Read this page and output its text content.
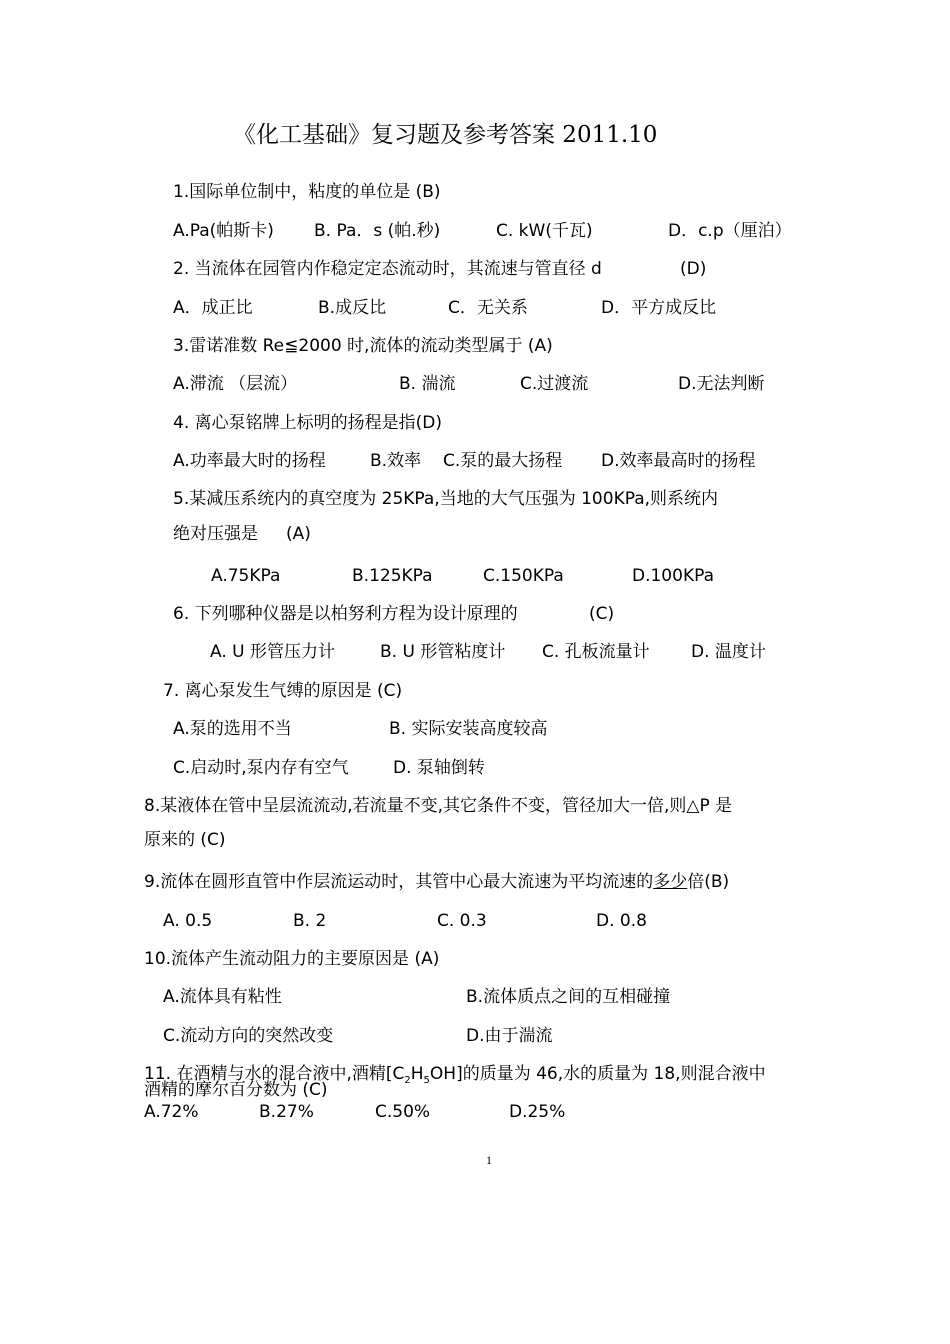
《化工基础》复习题及参考答案 2011.10
1.国际单位制中，粘度的单位是 (B)
A.Pa(帕斯卡) B. Pa．s (帕.秒)	C. kW(千瓦)	D．c.p（厘泊）
2. 当流体在园管内作稳定定态流动时，其流速与管直径 d	(D)
A．成正比	B.成反比	C．无关系	D．平方成反比
3.雷诺准数 Re≦2000 时,流体的流动类型属于 (A)
A.滞流 （层流）	B. 湍流	C.过渡流	D.无法判断
4. 离心泵铭牌上标明的扬程是指(D)
A.功率最大时的扬程	B.效率 C.泵的最大扬程 D.效率最高时的扬程
5.某减压系统内的真空度为 25KPa,当地的大气压强为 100KPa,则系统内
绝对压强是 (A)
A.75KPa	B.125KPa	C.150KPa	D.100KPa
6. 下列哪种仪器是以柏努利方程为设计原理的	(C)
A. U 形管压力计	B. U 形管粘度计 C. 孔板流量计 D. 温度计
7. 离心泵发生气缚的原因是 (C)
A.泵的选用不当	B. 实际安装高度较高
C.启动时,泵内存有空气	D. 泵轴倒转
8.某液体在管中呈层流流动,若流量不变,其它条件不变，管径加大一倍,则△P 是
原来的 (C)
9.流体在圆形直管中作层流运动时，其管中心最大流速为平均流速的多少倍(B)
A. 0.5	B. 2	C. 0.3	D. 0.8
10.流体产生流动阻力的主要原因是 (A)
A.流体具有粘性	B.流体质点之间的互相碰撞
C.流动方向的突然改变	D.由于湍流
11. 在酒精与水的混合液中,酒精$[C_2H_5OH]$的质量为 46,水的质量为 18,则混合液中
酒精的摩尔百分数为 (C)
A.72%	B.27%	C.50%	D.25%
1
